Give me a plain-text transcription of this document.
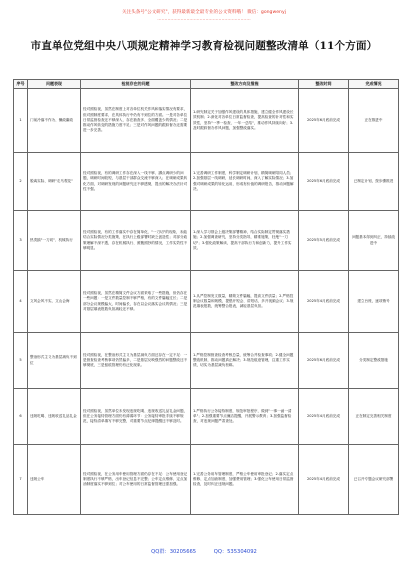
关注头条号"公文研究"，获得最新最全最专业的公文资料哦！ 微信：gongwenyj
................................................................
市直单位党组中央八项规定精神学习教育检视问题整改清单（11个方面）
序号	问题表现	检视存在的问题	整改方向及措施	整改时间	完成情况
1	门前冷落不作为、懒政庸政	经对照检视，虽然在制度上对各单位机关作风和落实情况有要求，但对照制度要求，在具体执行中仍有不到位的方面。一是对各单位日常监督检查还不够深入，存在抽查多、全面覆盖少的情况；二是推动作风转变的措施力度不足；三是对作风问题的跟踪督办还需要进一步完善。	1.研究制定关于加强作风建设的具体措施，建立健全作风建设长效机制；2.深化对各单位日常监督检查，提高检查的针对性和实效性，坚持"一季一检查、一年一总结"，推动作风持续向好；3.及时跟踪督办作风问题，加强整改落实。	2025年6月底前完成	正在推进中
2	脱离实际、调研"走马观花"	经对照检视，有的调研工作存在深入一线不够、蹲点调研少的问题，调研时间较短，与基层干部群众交流不够深入；在调研成果转化方面，对调研发现的问题研究还不够透彻，提出的解决办法针对性不强。	1.完善调研工作制度，科学制定调研计划，精简调研陪同人员；2.加强基层一线调研，延长调研时间，深入了解实际情况；3.加强对调研成果的转化运用，形成有价值的调研报告，推动问题解决。	2025年6月底前完成	已制定计划，按步骤推进
3	热衷搞"一刀切"、机械执行	经对照检视，有的工作落实中存在简单化、"一刀切"的现象，未能结合实际情况分类施策，在执行上级部署时缺乏创造性；对部分政策理解不深不透，存在机械执行、照搬照抄的情况，工作实效性不够明显。	1.深入学习领会上级决策部署精神，结合实际制定贯彻落实措施；2.加强调查研究，坚持分类指导，精准施策，杜绝"一刀切"；3.强化政策解读，提高干部执行力和创新力，提升工作实效。	2025年5月底前完成	问题基本得到纠正，持续改进中
4	文风会风不实，文山会海	经对照检视，虽然在精简文件会议方面采取了一些措施，但仍存在一些问题：一是文件数量控制不够严格，有的文件篇幅过长；二是部分会议规模偏大、时间偏长，存在以会议落实会议的情况；三是对基层填表报数负担减轻还不够。	1.从严控制发文数量，精简文件篇幅，提高文件质量；2.严格控制会议数量和规模，提倡开短会、讲短话，多开视频会议；3.规范填表报数，统筹整合报表，减轻基层负担。	2025年4月底前完成	建立台账，逐项销号
5	整治形式主义为基层减负不到位	经对照检视，在整治形式主义为基层减负方面还存在一定不足：一是督查检查考核事项仍然偏多，二是基层反映强烈的问题整改还不够彻底，三是留痕管理仍有泛化现象。	1.严格控制督查检查考核总量，统筹合并检查事项；2.健全问题整改机制，推动问题真正解决；3.规范痕迹管理，注重工作实绩，切实为基层减负松绑。	2025年6月底前完成	分类制定整改措施
6	违规吃喝、违规收送礼品礼金	经对照检视，虽然单位未发现违规吃喝、违规收送礼品礼金问题，但在公务接待管理方面仍有薄弱环节：公务接待审批手续不够规范，接待清单填写不够完整，对重要节点纪律提醒还不够及时。	1.严格执行公务接待制度，规范审批程序，做到"一事一函一清单"；2.加强重要节点廉洁提醒，开展警示教育；3.加强监督检查，对违规问题严肃查处。	2025年4月底前完成	正在制定完善相关制度
7	违规公车	经对照检视，在公务用车使用管理方面仍存在不足：公车使用登记制度执行不够严格，出车登记信息不完整；公车定点维修、定点加油制度落实不够到位；对公车使用的日常监督管理还需加强。	1.完善公务用车管理制度，严格公车使用审批登记；2.落实定点维修、定点加油制度，加强费用管理；3.强化公车使用日常监督检查，及时纠正违规问题。	2025年4月底前完成	已召开专题会议研究部署
QQ群：30205665	QQ：535304092
